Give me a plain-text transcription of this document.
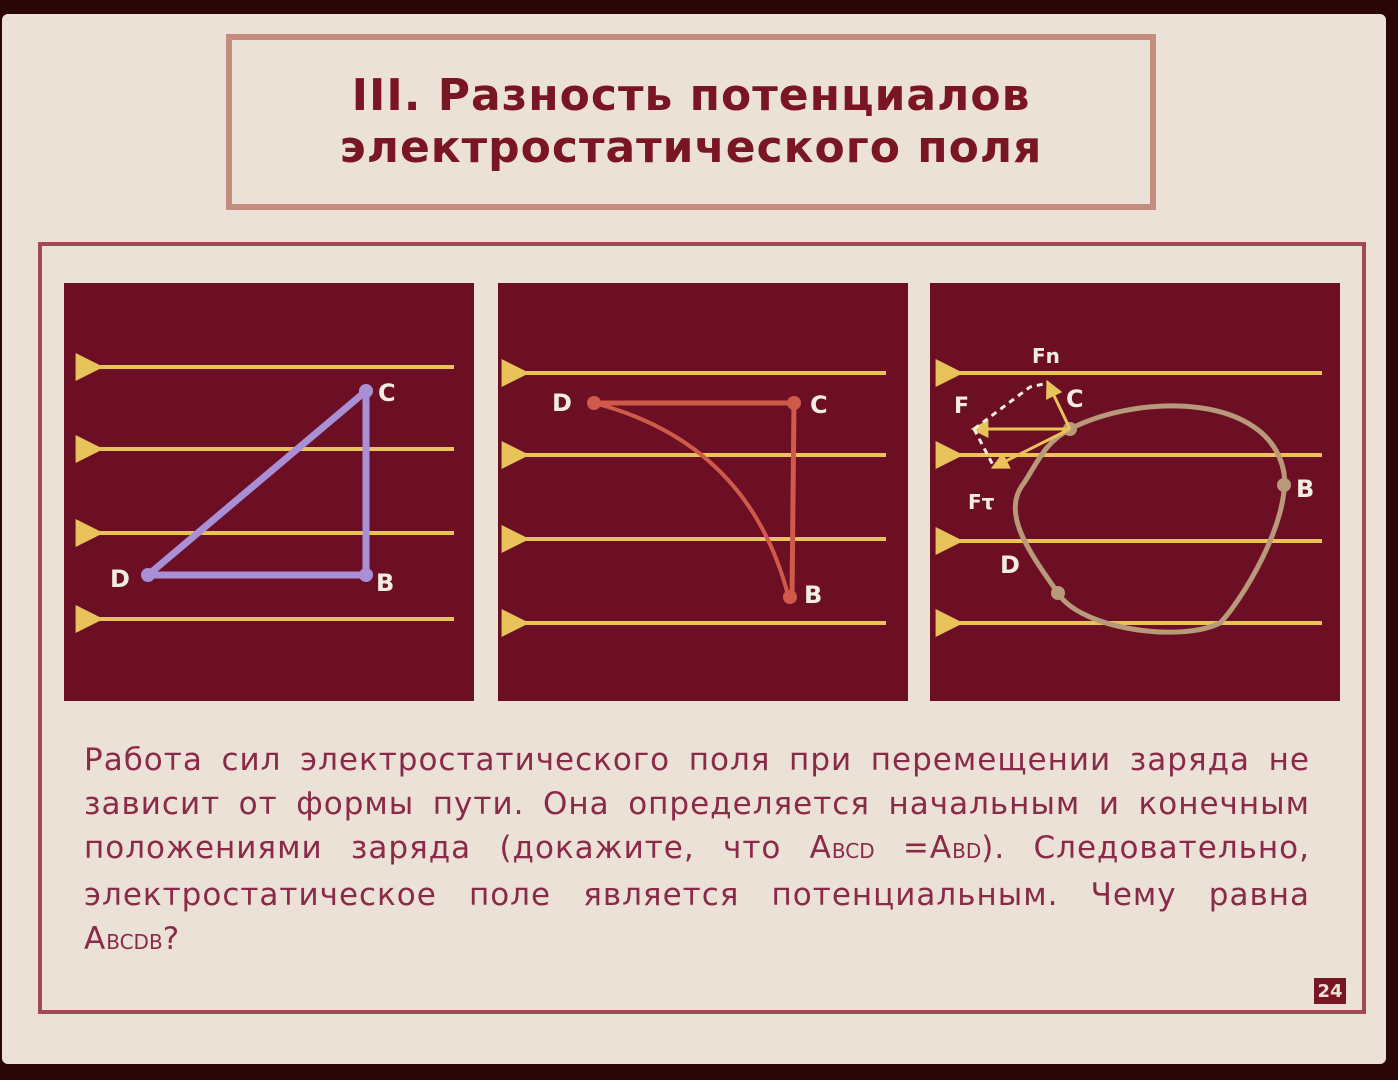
III. Разность потенциалов
электростатического поля
C
D	B
D	C
B
Fn
F
Fτ
C
B
D
Работа сил электростатического поля при перемещении заряда не зависит от формы пути. Она определяется начальным и конечным положениями заряда (докажите, что ABCD =ABD). Следовательно, электростатическое поле является потенциальным. Чему равна ABCDB?
24
